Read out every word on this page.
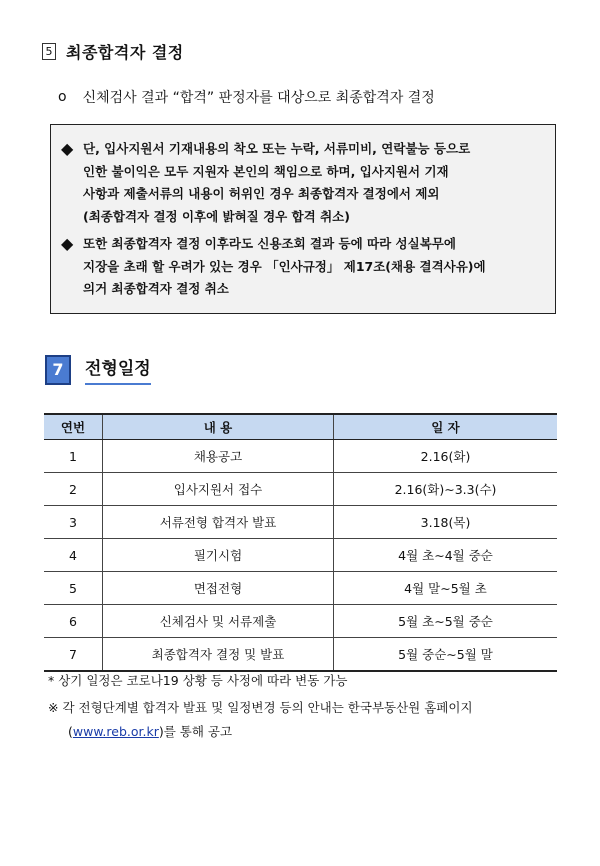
5 최종합격자 결정
o 신체검사 결과 “합격” 판정자를 대상으로 최종합격자 결정
◆ 단, 입사지원서 기재내용의 착오 또는 누락, 서류미비, 연락불능 등으로
인한 불이익은 모두 지원자 본인의 책임으로 하며, 입사지원서 기재
사항과 제출서류의 내용이 허위인 경우 최종합격자 결정에서 제외
(최종합격자 결정 이후에 밝혀질 경우 합격 취소)
◆ 또한 최종합격자 결정 이후라도 신용조회 결과 등에 따라 성실복무에
지장을 초래 할 우려가 있는 경우 「인사규정」 제17조(채용 결격사유)에
의거 최종합격자 결정 취소
7	전형일정
연번	내 용	일 자
1	채용공고	2.16(화)
2	입사지원서 접수	2.16(화)∼3.3(수)
3	서류전형 합격자 발표	3.18(목)
4	필기시험	4월 초∼4월 중순
5	면접전형	4월 말∼5월 초
6	신체검사 및 서류제출	5월 초∼5월 중순
7	최종합격자 결정 및 발표	5월 중순∼5월 말
* 상기 일정은 코로나19 상황 등 사정에 따라 변동 가능
※ 각 전형단계별 합격자 발표 및 일정변경 등의 안내는 한국부동산원 홈페이지
(www.reb.or.kr)를 통해 공고
